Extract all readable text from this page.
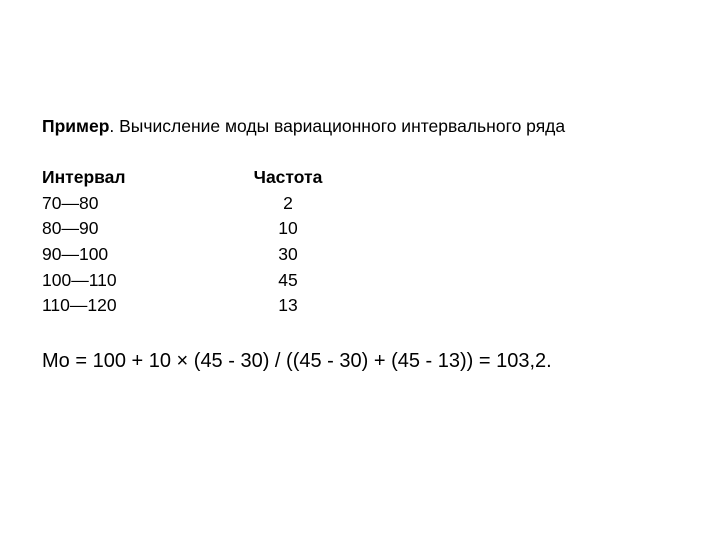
Пример. Вычисление моды вариационного интервального ряда
Интервал	Частота
70—80	2
80—90	10
90—100	30
100—110	45
110—120	13
Mo = 100 + 10 × (45 - 30) / ((45 - 30) + (45 - 13)) = 103,2.
